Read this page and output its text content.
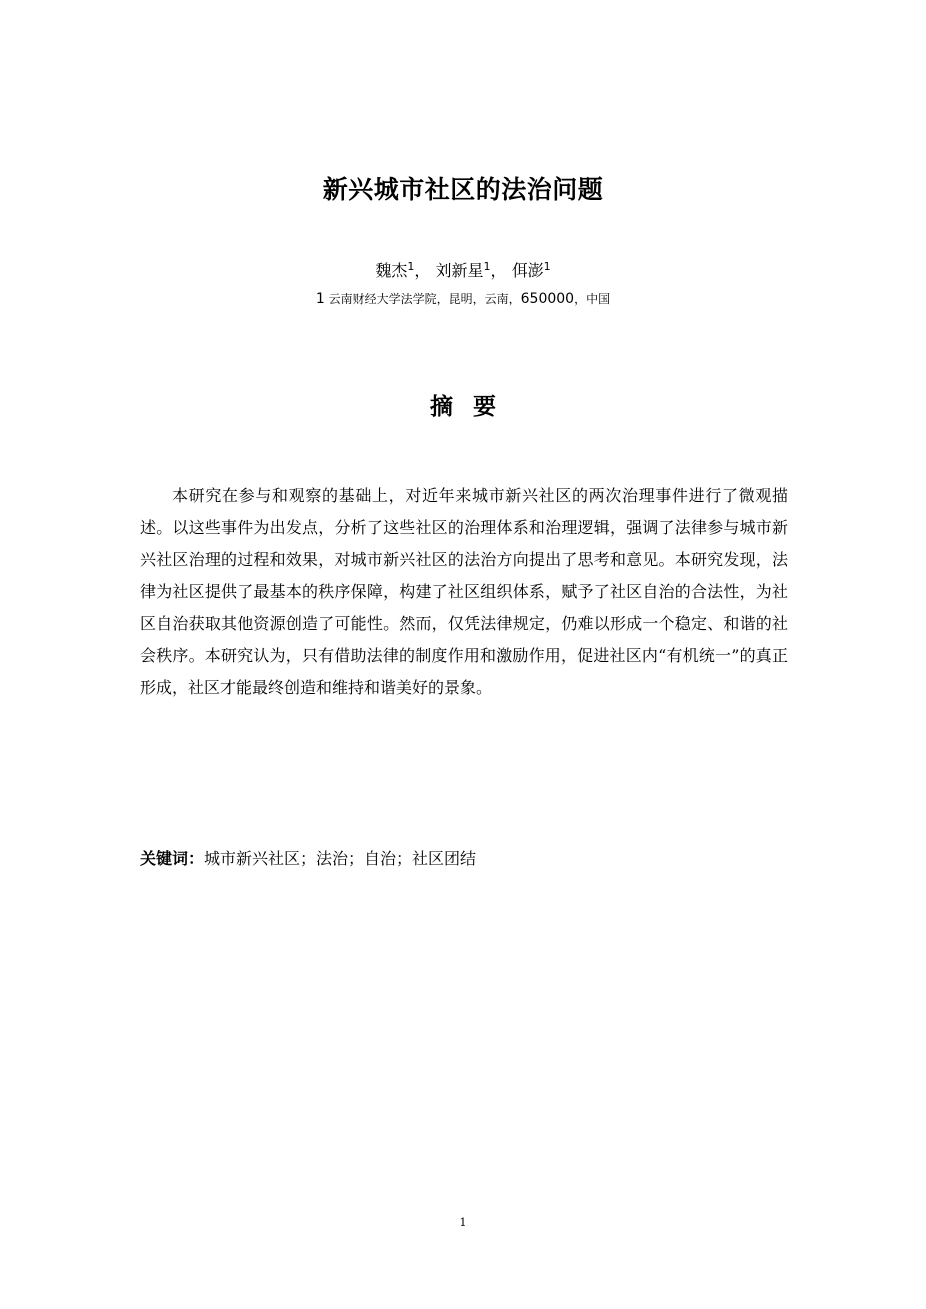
新兴城市社区的法治问题
魏杰$^1$， 刘新星$^1$， 佴澎$^1$
1 云南财经大学法学院，昆明，云南，650000，中国
摘要

本研究在参与和观察的基础上，对近年来城市新兴社区的两次治理事件进行了微观描述。以这些事件为出发点，分析了这些社区的治理体系和治理逻辑，强调了法律参与城市新兴社区治理的过程和效果，对城市新兴社区的法治方向提出了思考和意见。本研究发现，法律为社区提供了最基本的秩序保障，构建了社区组织体系，赋予了社区自治的合法性，为社区自治获取其他资源创造了可能性。然而，仅凭法律规定，仍难以形成一个稳定、和谐的社会秩序。本研究认为，只有借助法律的制度作用和激励作用，促进社区内“有机统一”的真正形成，社区才能最终创造和维持和谐美好的景象。

关键词：城市新兴社区；法治；自治；社区团结
1
